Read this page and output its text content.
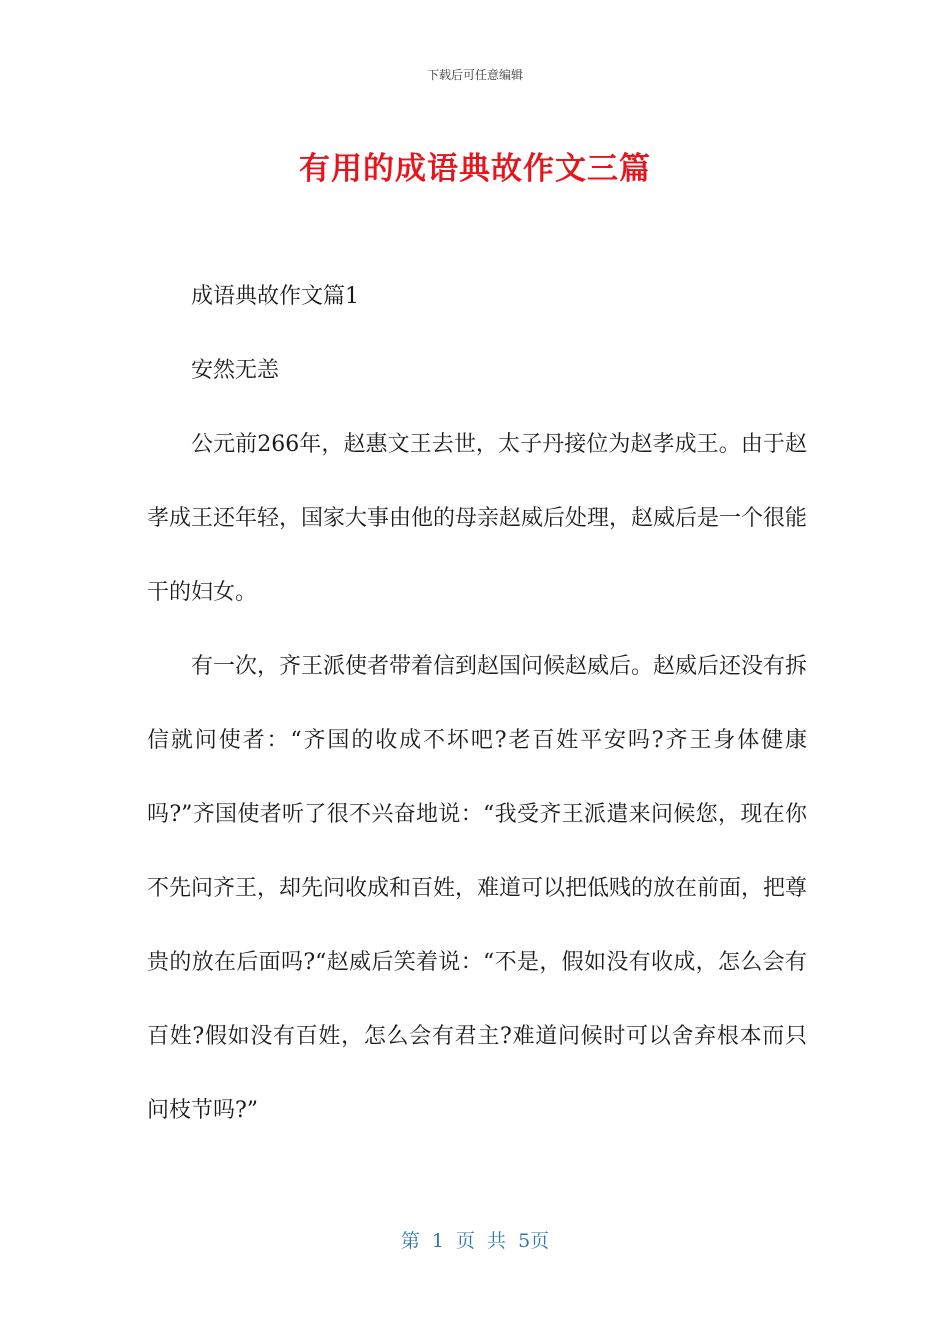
下载后可任意编辑
有用的成语典故作文三篇

成语典故作文篇1

安然无恙

公元前266年，赵惠文王去世，太子丹接位为赵孝成王。由于赵孝成王还年轻，国家大事由他的母亲赵威后处理，赵威后是一个很能干的妇女。

有一次，齐王派使者带着信到赵国问候赵威后。赵威后还没有拆信就问使者：“齐国的收成不坏吧?老百姓平安吗?齐王身体健康吗?”齐国使者听了很不兴奋地说：“我受齐王派遣来问候您，现在你不先问齐王，却先问收成和百姓，难道可以把低贱的放在前面，把尊贵的放在后面吗?“赵威后笑着说：“不是，假如没有收成，怎么会有百姓?假如没有百姓，怎么会有君主?难道问候时可以舍弃根本而只问枝节吗?”

第 1 页 共 5页
